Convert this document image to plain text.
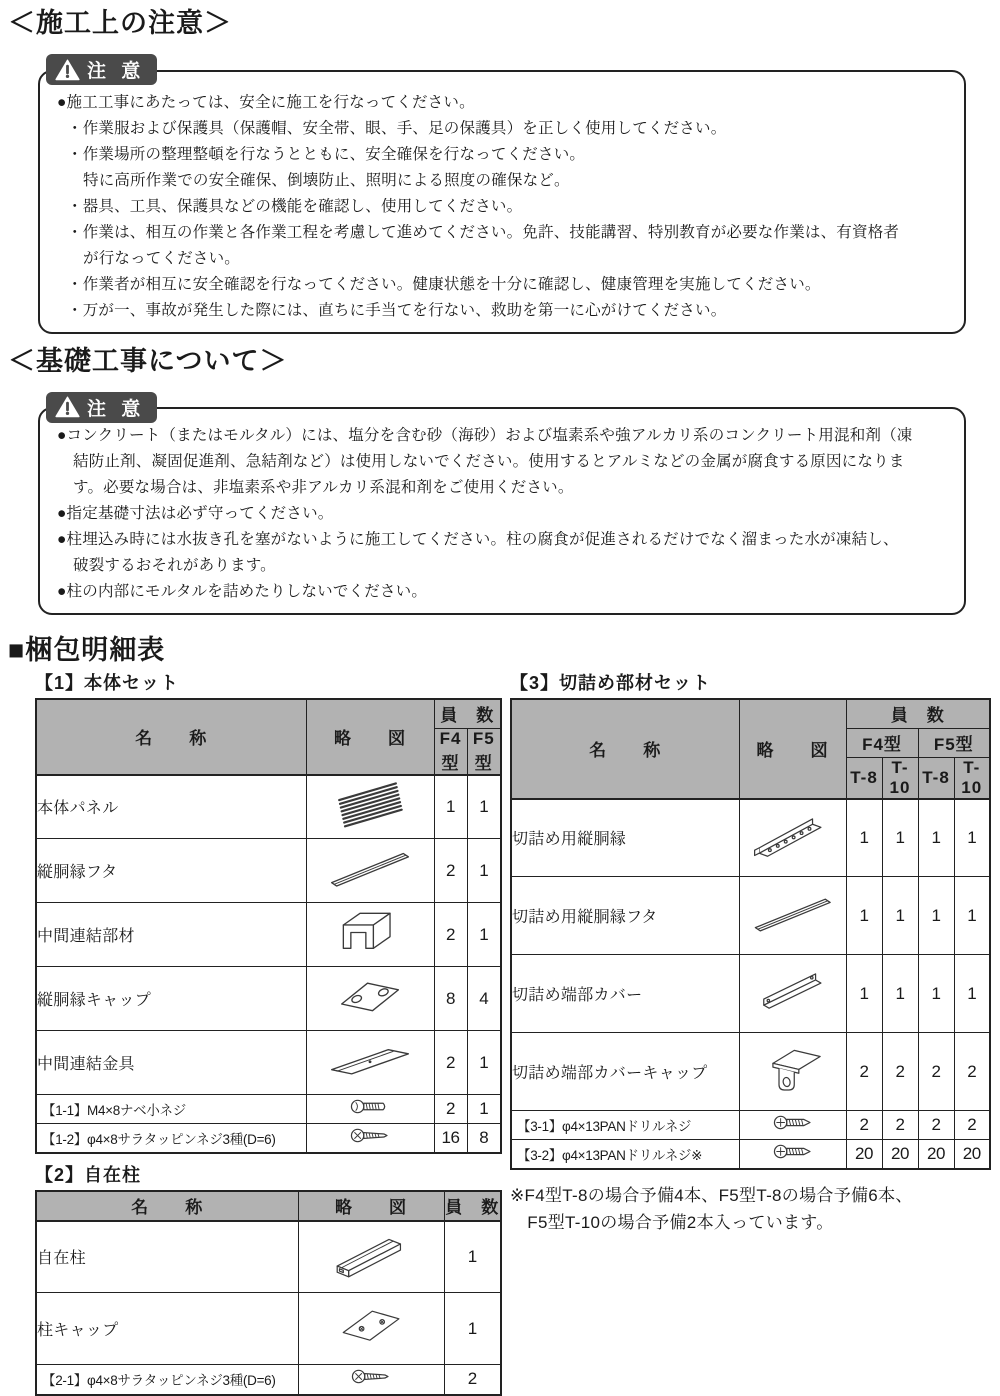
＜施工上の注意＞
注 意
●施工工事にあたっては、安全に施工を行なってください。
・作業服および保護具（保護帽、安全帯、眼、手、足の保護具）を正しく使用してください。
・作業場所の整理整頓を行なうとともに、安全確保を行なってください。
特に高所作業での安全確保、倒壊防止、照明による照度の確保など。
・器具、工具、保護具などの機能を確認し、使用してください。
・作業は、相互の作業と各作業工程を考慮して進めてください。免許、技能講習、特別教育が必要な作業は、有資格者
が行なってください。
・作業者が相互に安全確認を行なってください。健康状態を十分に確認し、健康管理を実施してください。
・万が一、事故が発生した際には、直ちに手当てを行ない、救助を第一に心がけてください。
＜基礎工事について＞
注 意
●コンクリート（またはモルタル）には、塩分を含む砂（海砂）および塩素系や強アルカリ系のコンクリート用混和剤（凍
結防止剤、凝固促進剤、急結剤など）は使用しないでください。使用するとアルミなどの金属が腐食する原因になりま
す。必要な場合は、非塩素系や非アルカリ系混和剤をご使用ください。
●指定基礎寸法は必ず守ってください。
●柱埋込み時には水抜き孔を塞がないように施工してください。柱の腐食が促進されるだけでなく溜まった水が凍結し、
破裂するおそれがあります。
●柱の内部にモルタルを詰めたりしないでください。
■梱包明細表
【1】本体セット
名　　称	略　　図	員　数	
		F4型	F5型
本体パネル		1	1
縦胴縁フタ		2	1
中間連結部材		2	1
縦胴縁キャップ		8	4
中間連結金具		2	1
【1-1】M4×8ナベ小ネジ		2	1
【1-2】φ4×8サラタッピンネジ3種(D=6)		16	8
【2】自在柱
名　　称	略　　図	員　数
自在柱		1
柱キャップ		1
【2-1】φ4×8サラタッピンネジ3種(D=6)		2
【3】切詰め部材セット
名　　称	略　　図	員　数			
		F4型		F5型	
		T-8	T-10	T-8	T-10
切詰め用縦胴縁		1	1	1	1
切詰め用縦胴縁フタ		1	1	1	1
切詰め端部カバー		1	1	1	1
切詰め端部カバーキャップ		2	2	2	2
【3-1】φ4×13PANドリルネジ		2	2	2	2
【3-2】φ4×13PANドリルネジ※		20	20	20	20
※F4型T-8の場合予備4本、F5型T-8の場合予備6本、
　F5型T-10の場合予備2本入っています。
